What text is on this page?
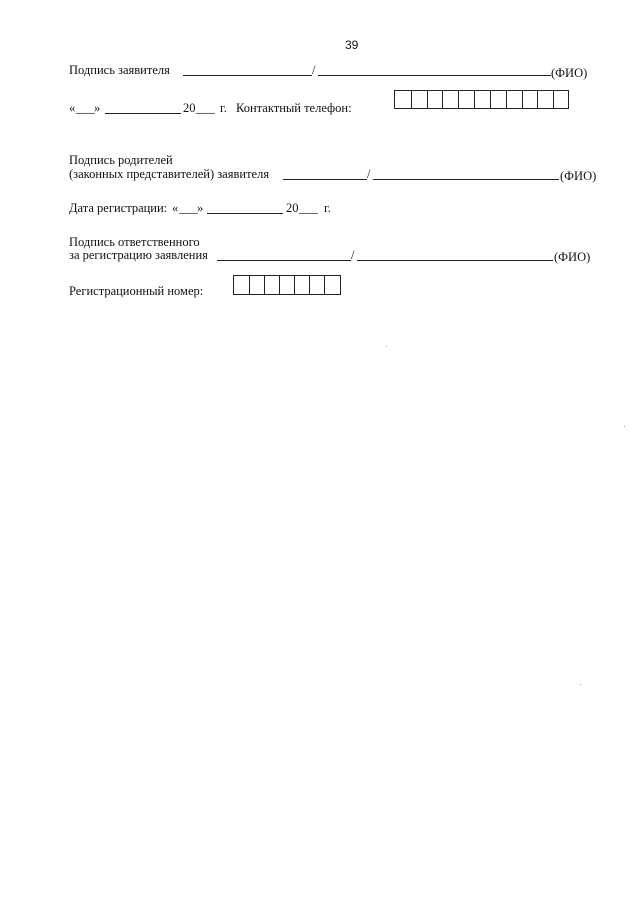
39
Подпись заявителя	/	(ФИО)
« ___ »	20 ___ г. Контактный телефон:
Подпись родителей
(законных представителей) заявителя	/	(ФИО)
Дата регистрации: « ___ »	20 ___ г.
Подпись ответственного
за регистрацию заявления	/	(ФИО)
Регистрационный номер:
